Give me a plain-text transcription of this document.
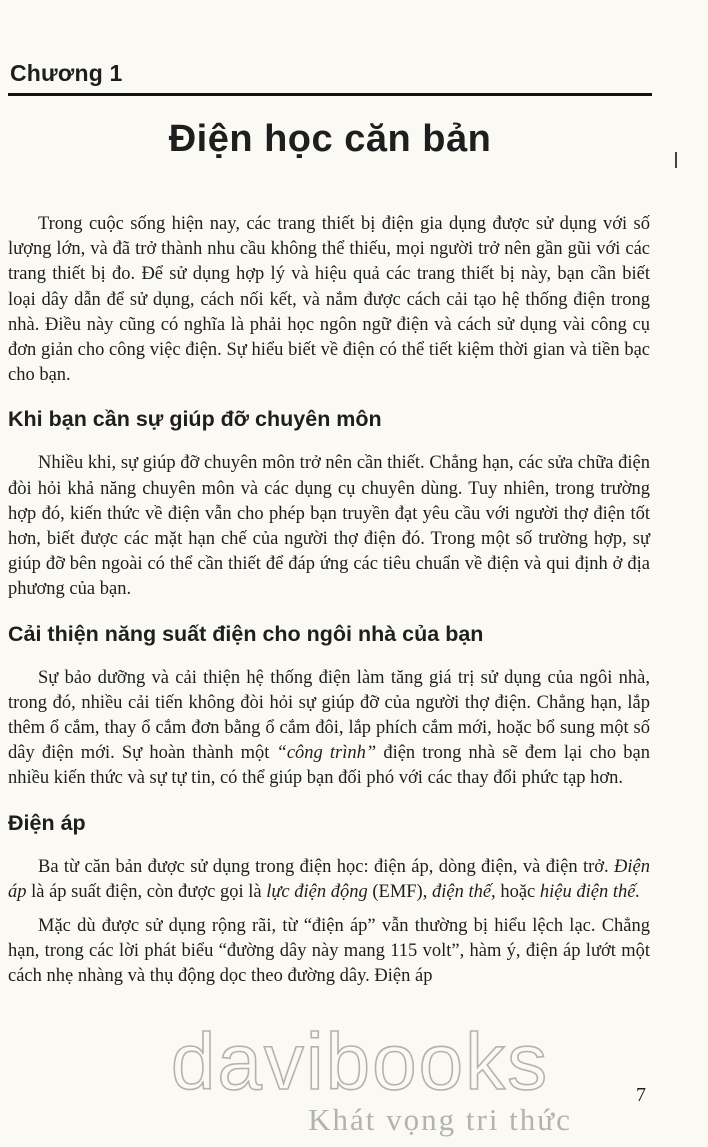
Chương 1
Điện học căn bản

Trong cuộc sống hiện nay, các trang thiết bị điện gia dụng được sử dụng với số lượng lớn, và đã trở thành nhu cầu không thể thiếu, mọi người trở nên gần gũi với các trang thiết bị đo. Để sử dụng hợp lý và hiệu quả các trang thiết bị này, bạn cần biết loại dây dẫn để sử dụng, cách nối kết, và nắm được cách cải tạo hệ thống điện trong nhà. Điều này cũng có nghĩa là phải học ngôn ngữ điện và cách sử dụng vài công cụ đơn giản cho công việc điện. Sự hiểu biết về điện có thể tiết kiệm thời gian và tiền bạc cho bạn.

Khi bạn cần sự giúp đỡ chuyên môn

Nhiều khi, sự giúp đỡ chuyên môn trở nên cần thiết. Chẳng hạn, các sửa chữa điện đòi hỏi khả năng chuyên môn và các dụng cụ chuyên dùng. Tuy nhiên, trong trường hợp đó, kiến thức về điện vẫn cho phép bạn truyền đạt yêu cầu với người thợ điện tốt hơn, biết được các mặt hạn chế của người thợ điện đó. Trong một số trường hợp, sự giúp đỡ bên ngoài có thể cần thiết để đáp ứng các tiêu chuẩn về điện và qui định ở địa phương của bạn.

Cải thiện năng suất điện cho ngôi nhà của bạn

Sự bảo dưỡng và cải thiện hệ thống điện làm tăng giá trị sử dụng của ngôi nhà, trong đó, nhiều cải tiến không đòi hỏi sự giúp đỡ của người thợ điện. Chẳng hạn, lắp thêm ổ cắm, thay ổ cắm đơn bằng ổ cắm đôi, lắp phích cắm mới, hoặc bổ sung một số dây điện mới. Sự hoàn thành một “công trình” điện trong nhà sẽ đem lại cho bạn nhiều kiến thức và sự tự tin, có thể giúp bạn đối phó với các thay đổi phức tạp hơn.

Điện áp

Ba từ căn bản được sử dụng trong điện học: điện áp, dòng điện, và điện trở. Điện áp là áp suất điện, còn được gọi là lực điện động (EMF), điện thế, hoặc hiệu điện thế.

Mặc dù được sử dụng rộng rãi, từ “điện áp” vẫn thường bị hiểu lệch lạc. Chẳng hạn, trong các lời phát biểu “đường dây này mang 115 volt”, hàm ý, điện áp lướt một cách nhẹ nhàng và thụ động dọc theo đường dây. Điện áp

davibooks
Khát vọng tri thức
7
